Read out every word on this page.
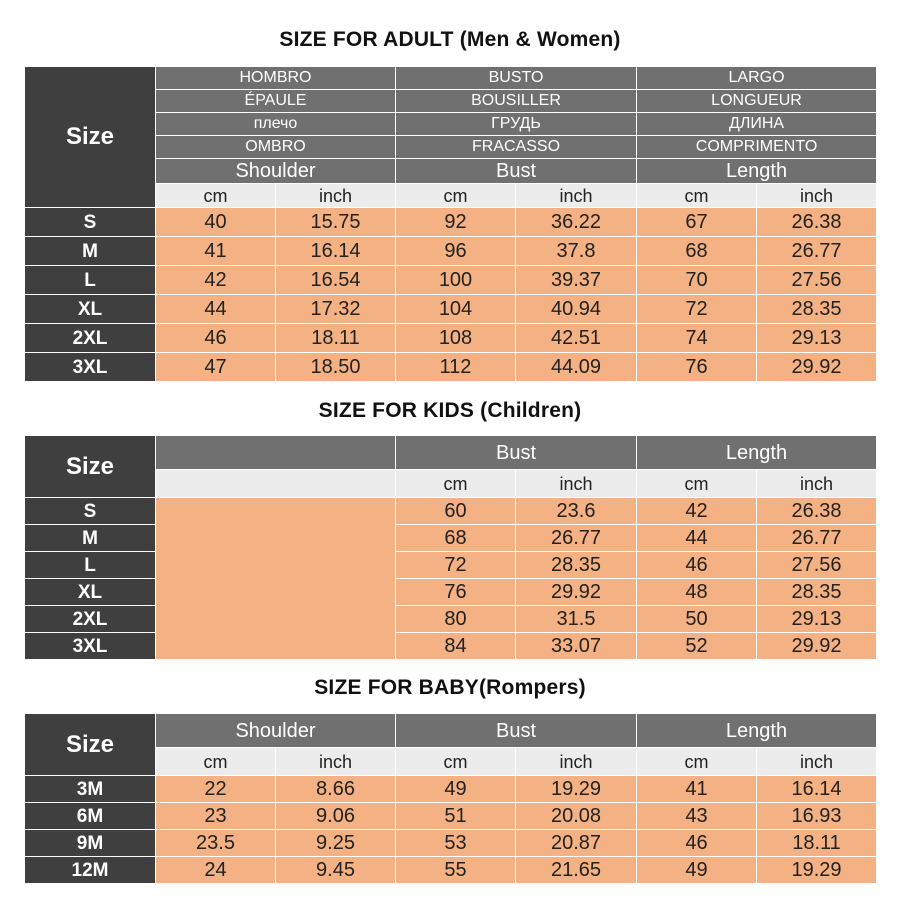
SIZE FOR ADULT (Men & Women)
Size	HOMBRO		BUSTO		LARGO	
	ÉPAULE		BOUSILLER		LONGUEUR	
	плечо		ГРУДЬ		ДЛИНА	
	OMBRO		FRACASSO		COMPRIMENTO	
	Shoulder		Bust		Length	
	cm	inch	cm	inch	cm	inch
S	40	15.75	92	36.22	67	26.38
M	41	16.14	96	37.8	68	26.77
L	42	16.54	100	39.37	70	27.56
XL	44	17.32	104	40.94	72	28.35
2XL	46	18.11	108	42.51	74	29.13
3XL	47	18.50	112	44.09	76	29.92
SIZE FOR KIDS (Children)
Size		Bust		Length	
		cm	inch	cm	inch
S		60	23.6	42	26.38
M		68	26.77	44	26.77
L		72	28.35	46	27.56
XL		76	29.92	48	28.35
2XL		80	31.5	50	29.13
3XL		84	33.07	52	29.92
SIZE FOR BABY(Rompers)
Size	Shoulder		Bust		Length	
	cm	inch	cm	inch	cm	inch
3M	22	8.66	49	19.29	41	16.14
6M	23	9.06	51	20.08	43	16.93
9M	23.5	9.25	53	20.87	46	18.11
12M	24	9.45	55	21.65	49	19.29
